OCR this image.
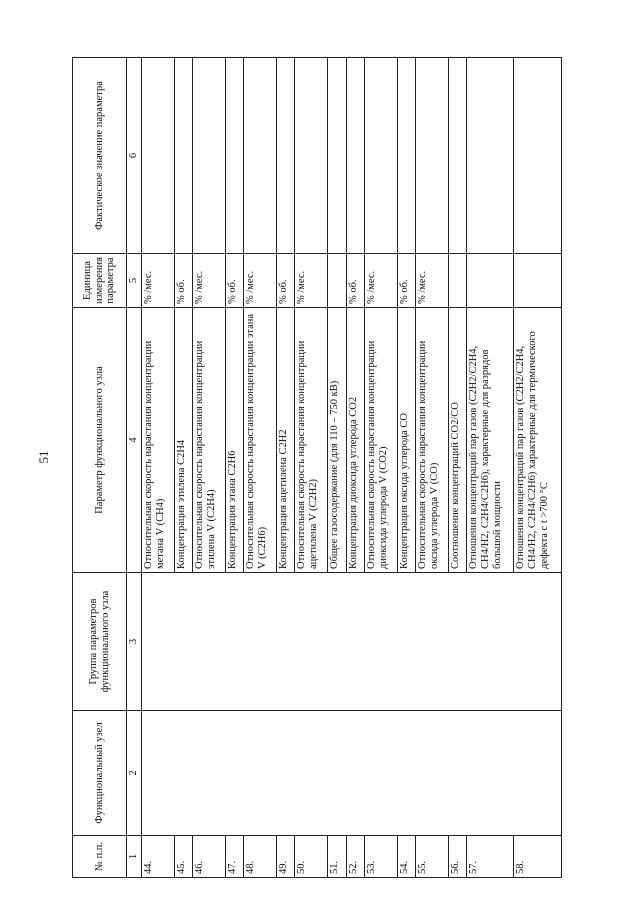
51
№ п.п.	Функциональный узел	Группа параметров функционального узла	Параметр функционального узла	Единица измерения параметра	Фактическое значение параметра
1	2	3	4	5	6
44.			Относительная скорость нарастания концентрации метана V (CH4)	% /мес.	
45.			Концентрация этилена C2H4	% об.	
46.			Относительная скорость нарастания концентрации этилена V (C2H4)	% /мес.	
47.			Концентрация этана C2H6	% об.	
48.			Относительная скорость нарастания концентрации этана V (C2H6)	% /мес.	
49.			Концентрация ацетилена C2H2	% об.	
50.			Относительная скорость нарастания концентрации ацетилена V (C2H2)	% /мес.	
51.			Общее газосодержание (для 110 – 750 кВ)		
52.			Концентрация диоксида углерода CO2	% об.	
53.			Относительная скорость нарастания концентрации диоксида углерода V (CO2)	% /мес.	
54.			Концентрация оксида углерода CO	% об.	
55.			Относительная скорость нарастания концентрации оксида углерода V (CO)	% /мес.	
56.			Соотношение концентраций CO2/CO		
57.			Отношения концентраций пар газов (C2H2/C2H4, CH4/H2, C2H4/C2H6), характерные для разрядов большой мощности		
58.			Отношения концентраций пар газов (C2H2/C2H4, CH4/H2, C2H4/C2H6) характерные для термического дефекта с t >700 °С		
